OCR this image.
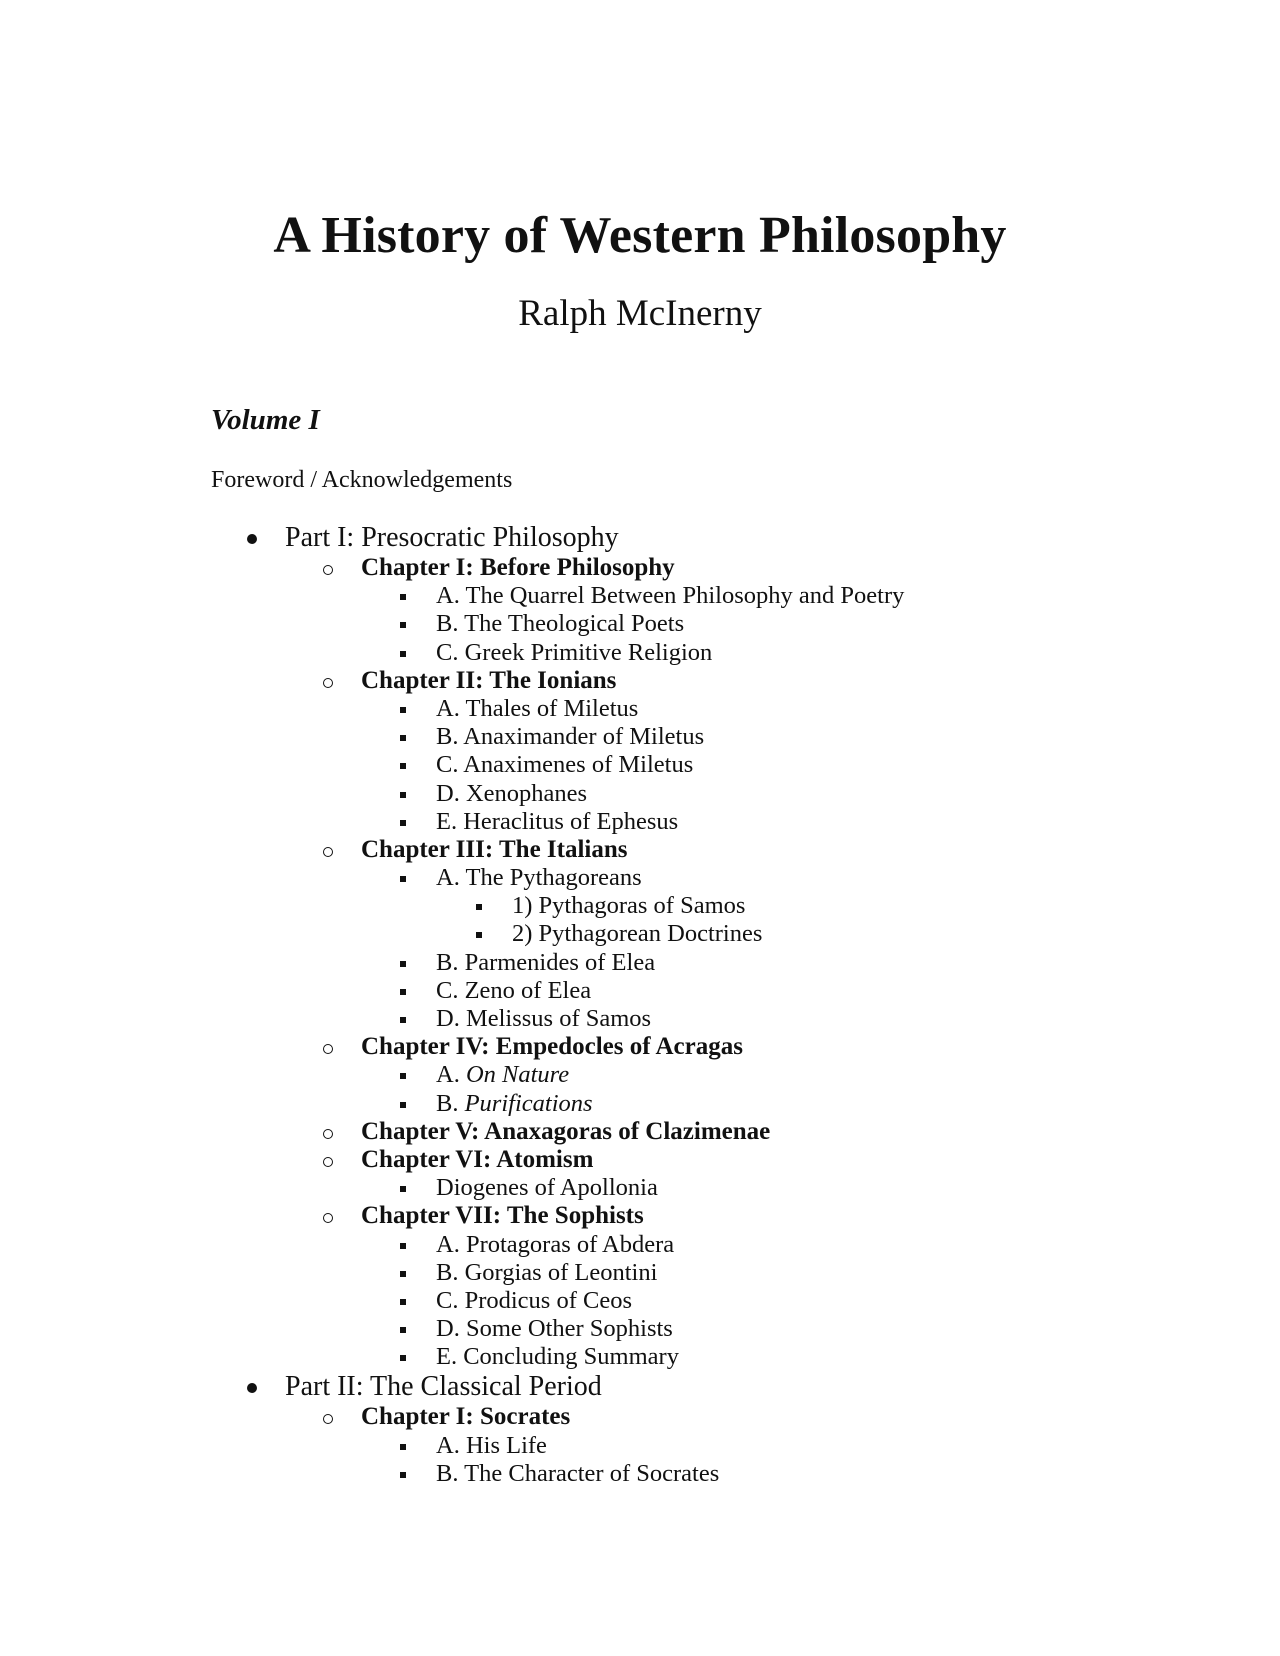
A History of Western Philosophy
Ralph McInerny
Volume I
Foreword / Acknowledgements
Part I: Presocratic Philosophy
Chapter I: Before Philosophy
A. The Quarrel Between Philosophy and Poetry
B. The Theological Poets
C. Greek Primitive Religion
Chapter II: The Ionians
A. Thales of Miletus
B. Anaximander of Miletus
C. Anaximenes of Miletus
D. Xenophanes
E. Heraclitus of Ephesus
Chapter III: The Italians
A. The Pythagoreans
1) Pythagoras of Samos
2) Pythagorean Doctrines
B. Parmenides of Elea
C. Zeno of Elea
D. Melissus of Samos
Chapter IV: Empedocles of Acragas
A. On Nature
B. Purifications
Chapter V: Anaxagoras of Clazimenae
Chapter VI: Atomism
Diogenes of Apollonia
Chapter VII: The Sophists
A. Protagoras of Abdera
B. Gorgias of Leontini
C. Prodicus of Ceos
D. Some Other Sophists
E. Concluding Summary
Part II: The Classical Period
Chapter I: Socrates
A. His Life
B. The Character of Socrates
